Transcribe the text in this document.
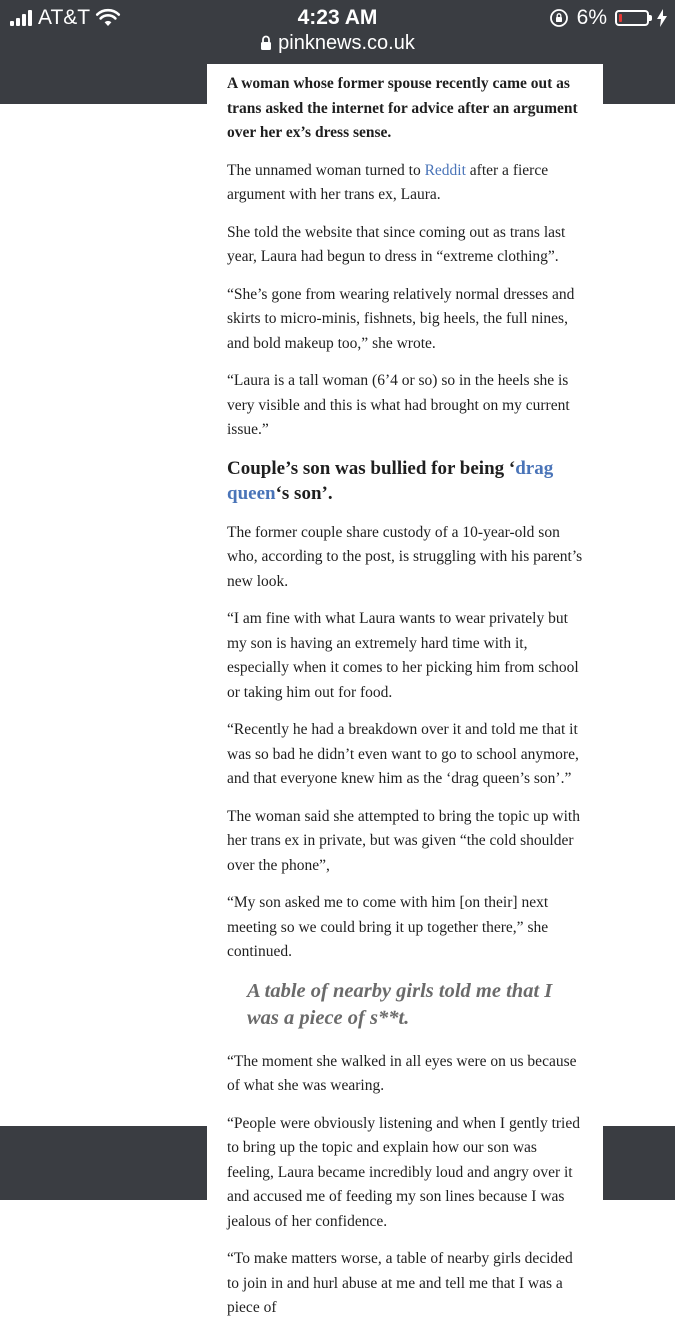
AT&T	4:23 AM
pinknews.co.uk
6%

A woman whose former spouse recently came out as trans asked the internet for advice after an argument over her ex’s dress sense.

The unnamed woman turned to Reddit after a fierce argument with her trans ex, Laura.

She told the website that since coming out as trans last year, Laura had begun to dress in “extreme clothing”.

“She’s gone from wearing relatively normal dresses and skirts to micro-minis, fishnets, big heels, the full nines, and bold makeup too,” she wrote.

“Laura is a tall woman (6’4 or so) so in the heels she is very visible and this is what had brought on my current issue.”

Couple’s son was bullied for being ‘drag queen‘s son’.

The former couple share custody of a 10-year-old son who, according to the post, is struggling with his parent’s new look.

“I am fine with what Laura wants to wear privately but my son is having an extremely hard time with it, especially when it comes to her picking him from school or taking him out for food.

“Recently he had a breakdown over it and told me that it was so bad he didn’t even want to go to school anymore, and that everyone knew him as the ‘drag queen’s son’.”

The woman said she attempted to bring the topic up with her trans ex in private, but was given “the cold shoulder over the phone”,

“My son asked me to come with him [on their] next meeting so we could bring it up together there,” she continued.

A table of nearby girls told me that I was a piece of s**t.

“The moment she walked in all eyes were on us because of what she was wearing.

“People were obviously listening and when I gently tried to bring up the topic and explain how our son was feeling, Laura became incredibly loud and angry over it and accused me of feeding my son lines because I was jealous of her confidence.

“To make matters worse, a table of nearby girls decided to join in and hurl abuse at me and tell me that I was a piece of
